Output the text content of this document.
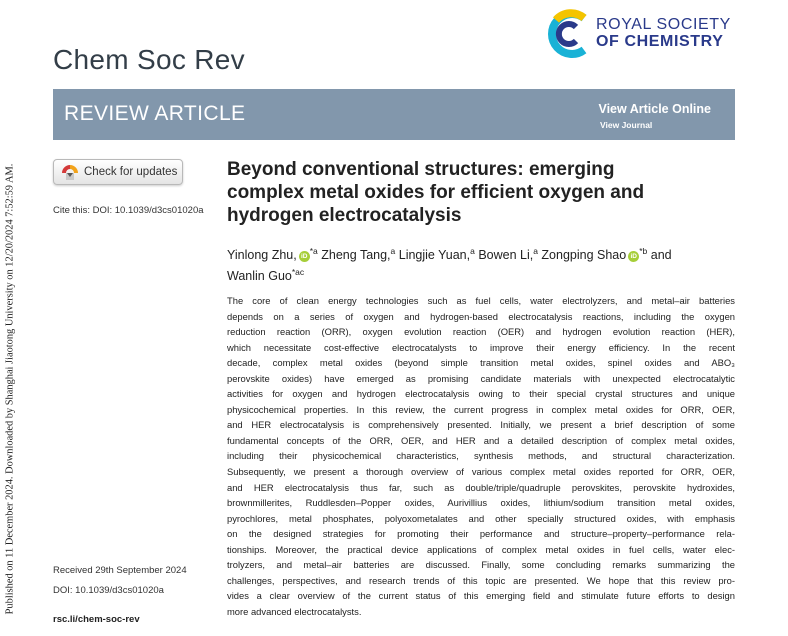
Published on 11 December 2024. Downloaded by Shanghai Jiaotong University on 12/20/2024 7:52:59 AM.
Chem Soc Rev
ROYAL SOCIETY
OF CHEMISTRY
REVIEW ARTICLE	View Article Online
View Journal
Check for updates
Cite this: DOI: 10.1039/d3cs01020a
Beyond conventional structures: emerging
complex metal oxides for efficient oxygen and
hydrogen electrocatalysis
Yinlong Zhu, $iD^{*a}$ Zheng Tang,$^a$ Lingjie Yuan,$^a$ Bowen Li,$^a$ Zongping Shao $iD^{*b}$ and
Wanlin Guo$^{*ac}$
The core of clean energy technologies such as fuel cells, water electrolyzers, and metal–air batteries
depends on a series of oxygen and hydrogen-based electrocatalysis reactions, including the oxygen
reduction reaction (ORR), oxygen evolution reaction (OER) and hydrogen evolution reaction (HER),
which necessitate cost-effective electrocatalysts to improve their energy efficiency. In the recent
decade, complex metal oxides (beyond simple transition metal oxides, spinel oxides and ABO₃
perovskite oxides) have emerged as promising candidate materials with unexpected electrocatalytic
activities for oxygen and hydrogen electrocatalysis owing to their special crystal structures and unique
physicochemical properties. In this review, the current progress in complex metal oxides for ORR, OER,
and HER electrocatalysis is comprehensively presented. Initially, we present a brief description of some
fundamental concepts of the ORR, OER, and HER and a detailed description of complex metal oxides,
including their physicochemical characteristics, synthesis methods, and structural characterization.
Subsequently, we present a thorough overview of various complex metal oxides reported for ORR, OER,
and HER electrocatalysis thus far, such as double/triple/quadruple perovskites, perovskite hydroxides,
brownmillerites, Ruddlesden–Popper oxides, Aurivillius oxides, lithium/sodium transition metal oxides,
pyrochlores, metal phosphates, polyoxometalates and other specially structured oxides, with emphasis
on the designed strategies for promoting their performance and structure–property–performance rela-
tionships. Moreover, the practical device applications of complex metal oxides in fuel cells, water elec-
trolyzers, and metal–air batteries are discussed. Finally, some concluding remarks summarizing the
challenges, perspectives, and research trends of this topic are presented. We hope that this review pro-
vides a clear overview of the current status of this emerging field and stimulate future efforts to design
more advanced electrocatalysts.
Received 29th September 2024
DOI: 10.1039/d3cs01020a
rsc.li/chem-soc-rev
